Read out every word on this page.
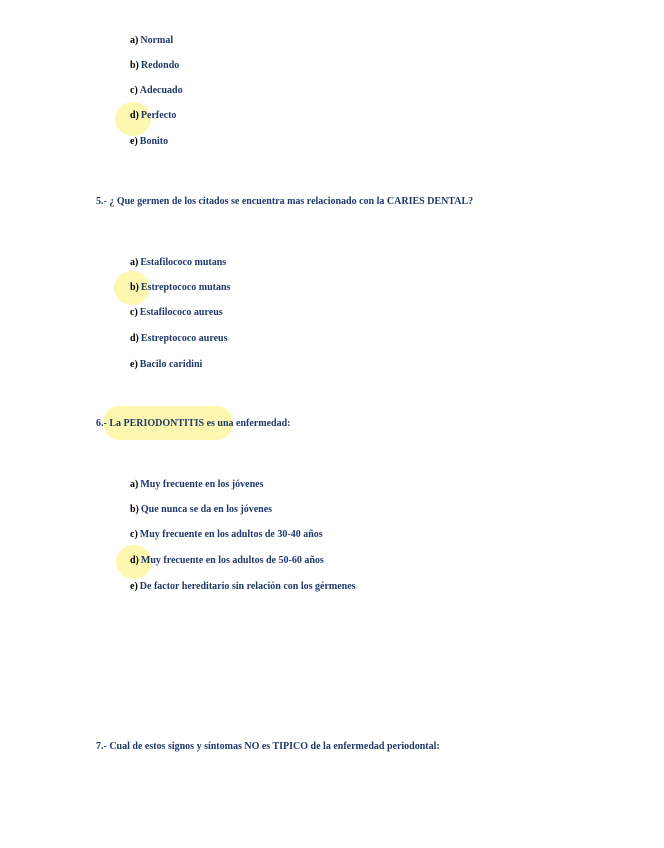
a) Normal
b) Redondo
c) Adecuado
d) Perfecto
e) Bonito
5.- ¿ Que germen de los citados se encuentra mas relacionado con la CARIES DENTAL?
a) Estafilococo mutans
b) Estreptococo mutans
c) Estafilococo aureus
d) Estreptococo aureus
e) Bacilo caridini
6.- La PERIODONTITIS es una enfermedad:
a) Muy frecuente en los jóvenes
b) Que nunca se da en los jóvenes
c) Muy frecuente en los adultos de 30-40 años
d) Muy frecuente en los adultos de 50-60 años
e) De factor hereditario sin relación con los gérmenes
7.- Cual de estos signos y síntomas NO es TIPICO de la enfermedad periodontal:
